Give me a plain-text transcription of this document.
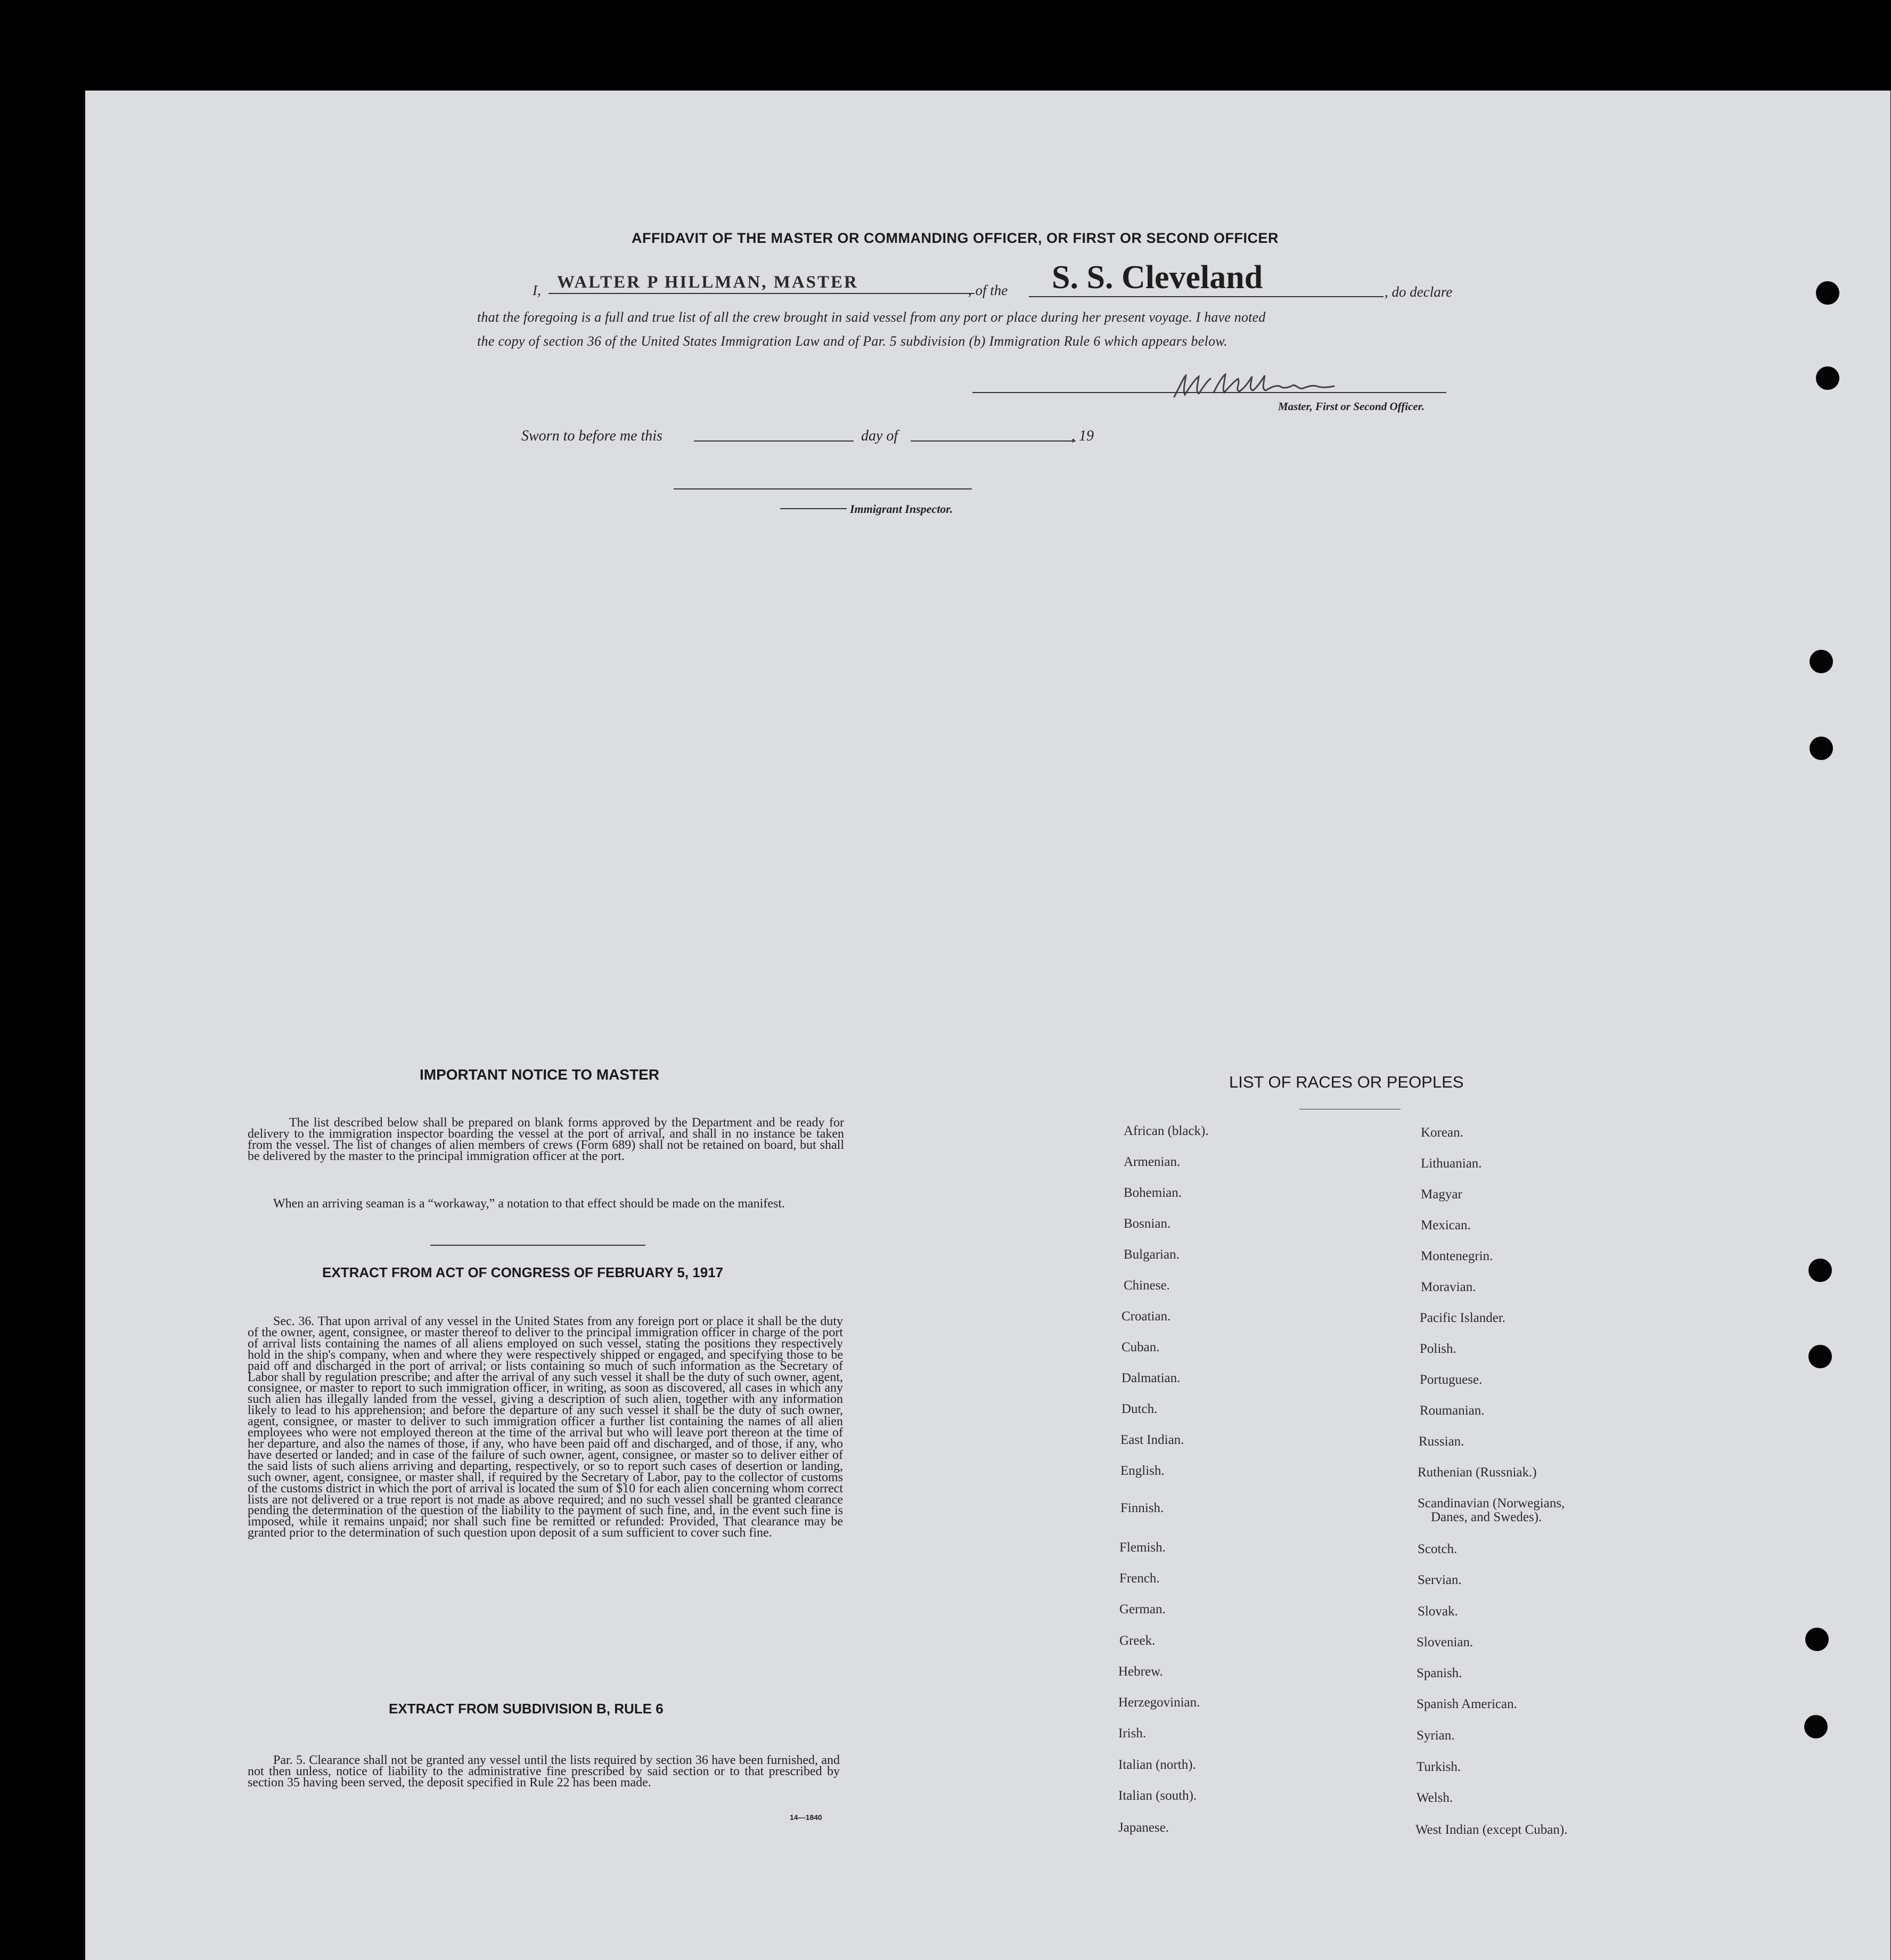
AFFIDAVIT OF THE MASTER OR COMMANDING OFFICER, OR FIRST OR SECOND OFFICER
I, WALTER P HILLMAN, MASTER	, of the S. S. Cleveland	, do declare
that the foregoing is a full and true list of all the crew brought in said vessel from any port or place during her present voyage. I have noted
the copy of section 36 of the United States Immigration Law and of Par. 5 subdivision (b) Immigration Rule 6 which appears below.
Master, First or Second Officer.
Sworn to before me this	day of	, 19
Immigrant Inspector.
IMPORTANT NOTICE TO MASTER
The list described below shall be prepared on blank forms approved by the Department and be ready for delivery to the immigration inspector boarding the vessel at the port of arrival, and shall in no instance be taken from the vessel. The list of changes of alien members of crews (Form 689) shall not be retained on board, but shall be delivered by the master to the principal immigration officer at the port.
When an arriving seaman is a “workaway,” a notation to that effect should be made on the manifest.
EXTRACT FROM ACT OF CONGRESS OF FEBRUARY 5, 1917
Sec. 36. That upon arrival of any vessel in the United States from any foreign port or place it shall be the duty of the owner, agent, consignee, or master thereof to deliver to the principal immigration officer in charge of the port of arrival lists containing the names of all aliens employed on such vessel, stating the positions they respectively hold in the ship's company, when and where they were respectively shipped or engaged, and specifying those to be paid off and discharged in the port of arrival; or lists containing so much of such information as the Secretary of Labor shall by regulation prescribe; and after the arrival of any such vessel it shall be the duty of such owner, agent, consignee, or master to report to such immigration officer, in writing, as soon as discovered, all cases in which any such alien has illegally landed from the vessel, giving a description of such alien, together with any information likely to lead to his apprehension; and before the departure of any such vessel it shall be the duty of such owner, agent, consignee, or master to deliver to such immigration officer a further list containing the names of all alien employees who were not employed thereon at the time of the arrival but who will leave port thereon at the time of her departure, and also the names of those, if any, who have been paid off and discharged, and of those, if any, who have deserted or landed; and in case of the failure of such owner, agent, consignee, or master so to deliver either of the said lists of such aliens arriving and departing, respectively, or so to report such cases of desertion or landing, such owner, agent, consignee, or master shall, if required by the Secretary of Labor, pay to the collector of customs of the customs district in which the port of arrival is located the sum of $10 for each alien concerning whom correct lists are not delivered or a true report is not made as above required; and no such vessel shall be granted clearance pending the determination of the question of the liability to the payment of such fine, and, in the event such fine is imposed, while it remains unpaid; nor shall such fine be remitted or refunded: Provided, That clearance may be granted prior to the determination of such question upon deposit of a sum sufficient to cover such fine.
EXTRACT FROM SUBDIVISION B, RULE 6
Par. 5. Clearance shall not be granted any vessel until the lists required by section 36 have been furnished, and not then unless, notice of liability to the administrative fine prescribed by said section or to that prescribed by section 35 having been served, the deposit specified in Rule 22 has been made.
14—1840
LIST OF RACES OR PEOPLES
African (black).
Armenian.
Bohemian.
Bosnian.
Bulgarian.
Chinese.
Croatian.
Cuban.
Dalmatian.
Dutch.
East Indian.
English.
Finnish.
Flemish.
French.
German.
Greek.
Hebrew.
Herzegovinian.
Irish.
Italian (north).
Italian (south).
Japanese.
Korean.
Lithuanian.
Magyar
Mexican.
Montenegrin.
Moravian.
Pacific Islander.
Polish.
Portuguese.
Roumanian.
Russian.
Ruthenian (Russniak.)
Scandinavian (Norwegians,
Danes, and Swedes).
Scotch.
Servian.
Slovak.
Slovenian.
Spanish.
Spanish American.
Syrian.
Turkish.
Welsh.
West Indian (except Cuban).
